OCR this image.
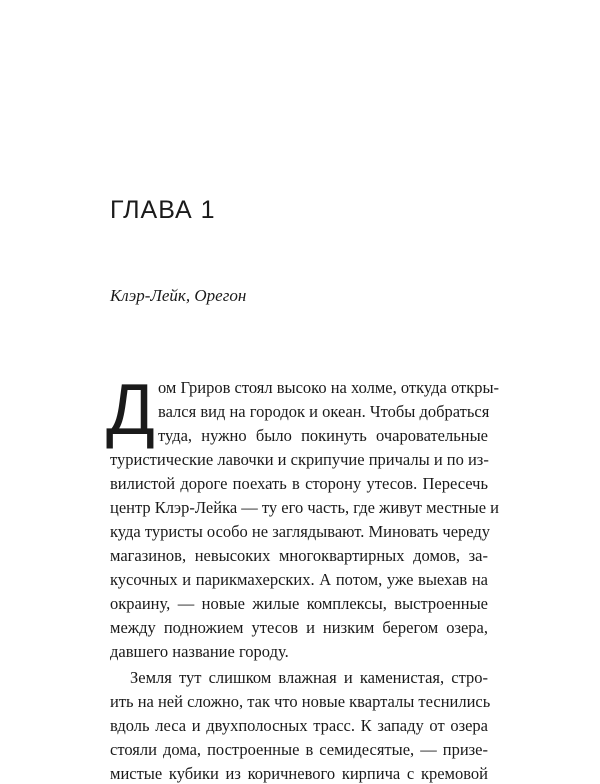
ГЛАВА 1
Клэр-Лейк, Орегон
Д ом Гриров стоял высоко на холме, откуда откры-
вался вид на городок и океан. Чтобы добраться
туда, нужно было покинуть очаровательные
туристические лавочки и скрипучие причалы и по из-
вилистой дороге поехать в сторону утесов. Пересечь
центр Клэр-Лейка — ту его часть, где живут местные и
куда туристы особо не заглядывают. Миновать череду
магазинов, невысоких многоквартирных домов, за-
кусочных и парикмахерских. А потом, уже выехав на
окраину, — новые жилые комплексы, выстроенные
между подножием утесов и низким берегом озера,
давшего название городу.
Земля тут слишком влажная и каменистая, стро-
ить на ней сложно, так что новые кварталы теснились
вдоль леса и двухполосных трасс. К западу от озера
стояли дома, построенные в семидесятые, — призе-
мистые кубики из коричневого кирпича с кремовой
